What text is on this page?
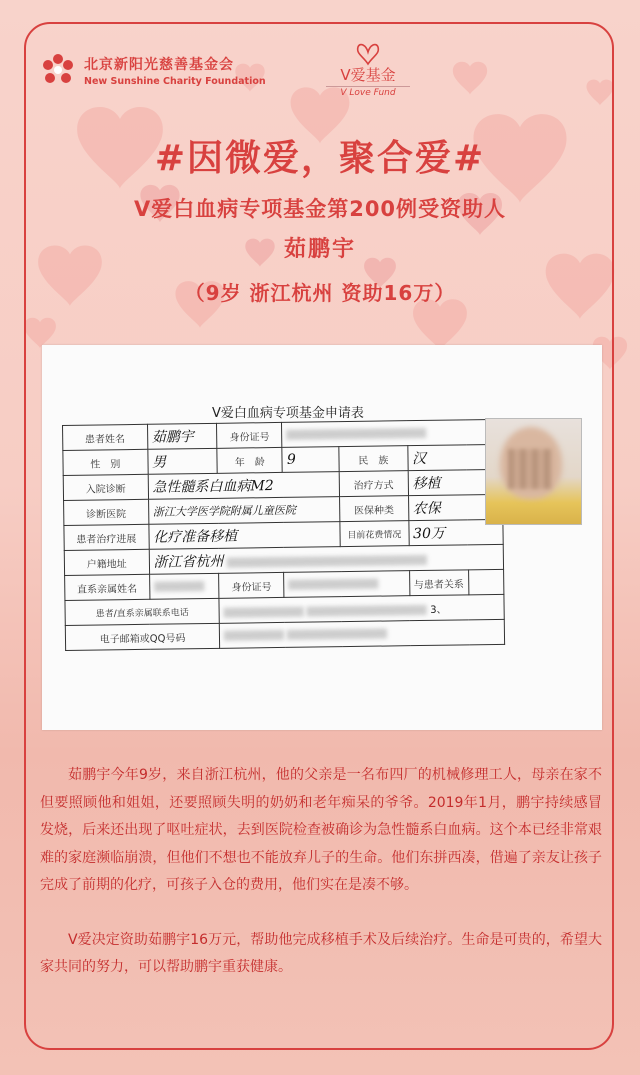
北京新阳光慈善基金会
New Sunshine Charity Foundation	V爱基金
V Love Fund
#因微爱，聚合爱#
V爱白血病专项基金第200例受资助人
茹鹏宇
（9岁 浙江杭州 资助16万）
V爱白血病专项基金申请表
患者姓名	茹鹏宇	身份证号				
性　别	男	年　龄	9	民　族	汉	
入院诊断	急性髓系白血病M2			治疗方式	移植	
诊断医院	浙江大学医学院附属儿童医院			医保种类	农保	
患者治疗进展	化疗准备移植			目前花费情况	30万	
户籍地址	浙江省杭州					
直系亲属姓名		身份证号			与患者关系	
患者/直系亲属联系电话		3、				
电子邮箱或QQ号码						

茹鹏宇今年9岁，来自浙江杭州，他的父亲是一名布四厂的机械修理工人，母亲在家不但要照顾他和姐姐，还要照顾失明的奶奶和老年痴呆的爷爷。2019年1月，鹏宇持续感冒发烧，后来还出现了呕吐症状，去到医院检查被确诊为急性髓系白血病。这个本已经非常艰难的家庭濒临崩溃，但他们不想也不能放弃儿子的生命。他们东拼西凑，借遍了亲友让孩子完成了前期的化疗，可孩子入仓的费用，他们实在是凑不够。

V爱决定资助茹鹏宇16万元，帮助他完成移植手术及后续治疗。生命是可贵的，希望大家共同的努力，可以帮助鹏宇重获健康。
